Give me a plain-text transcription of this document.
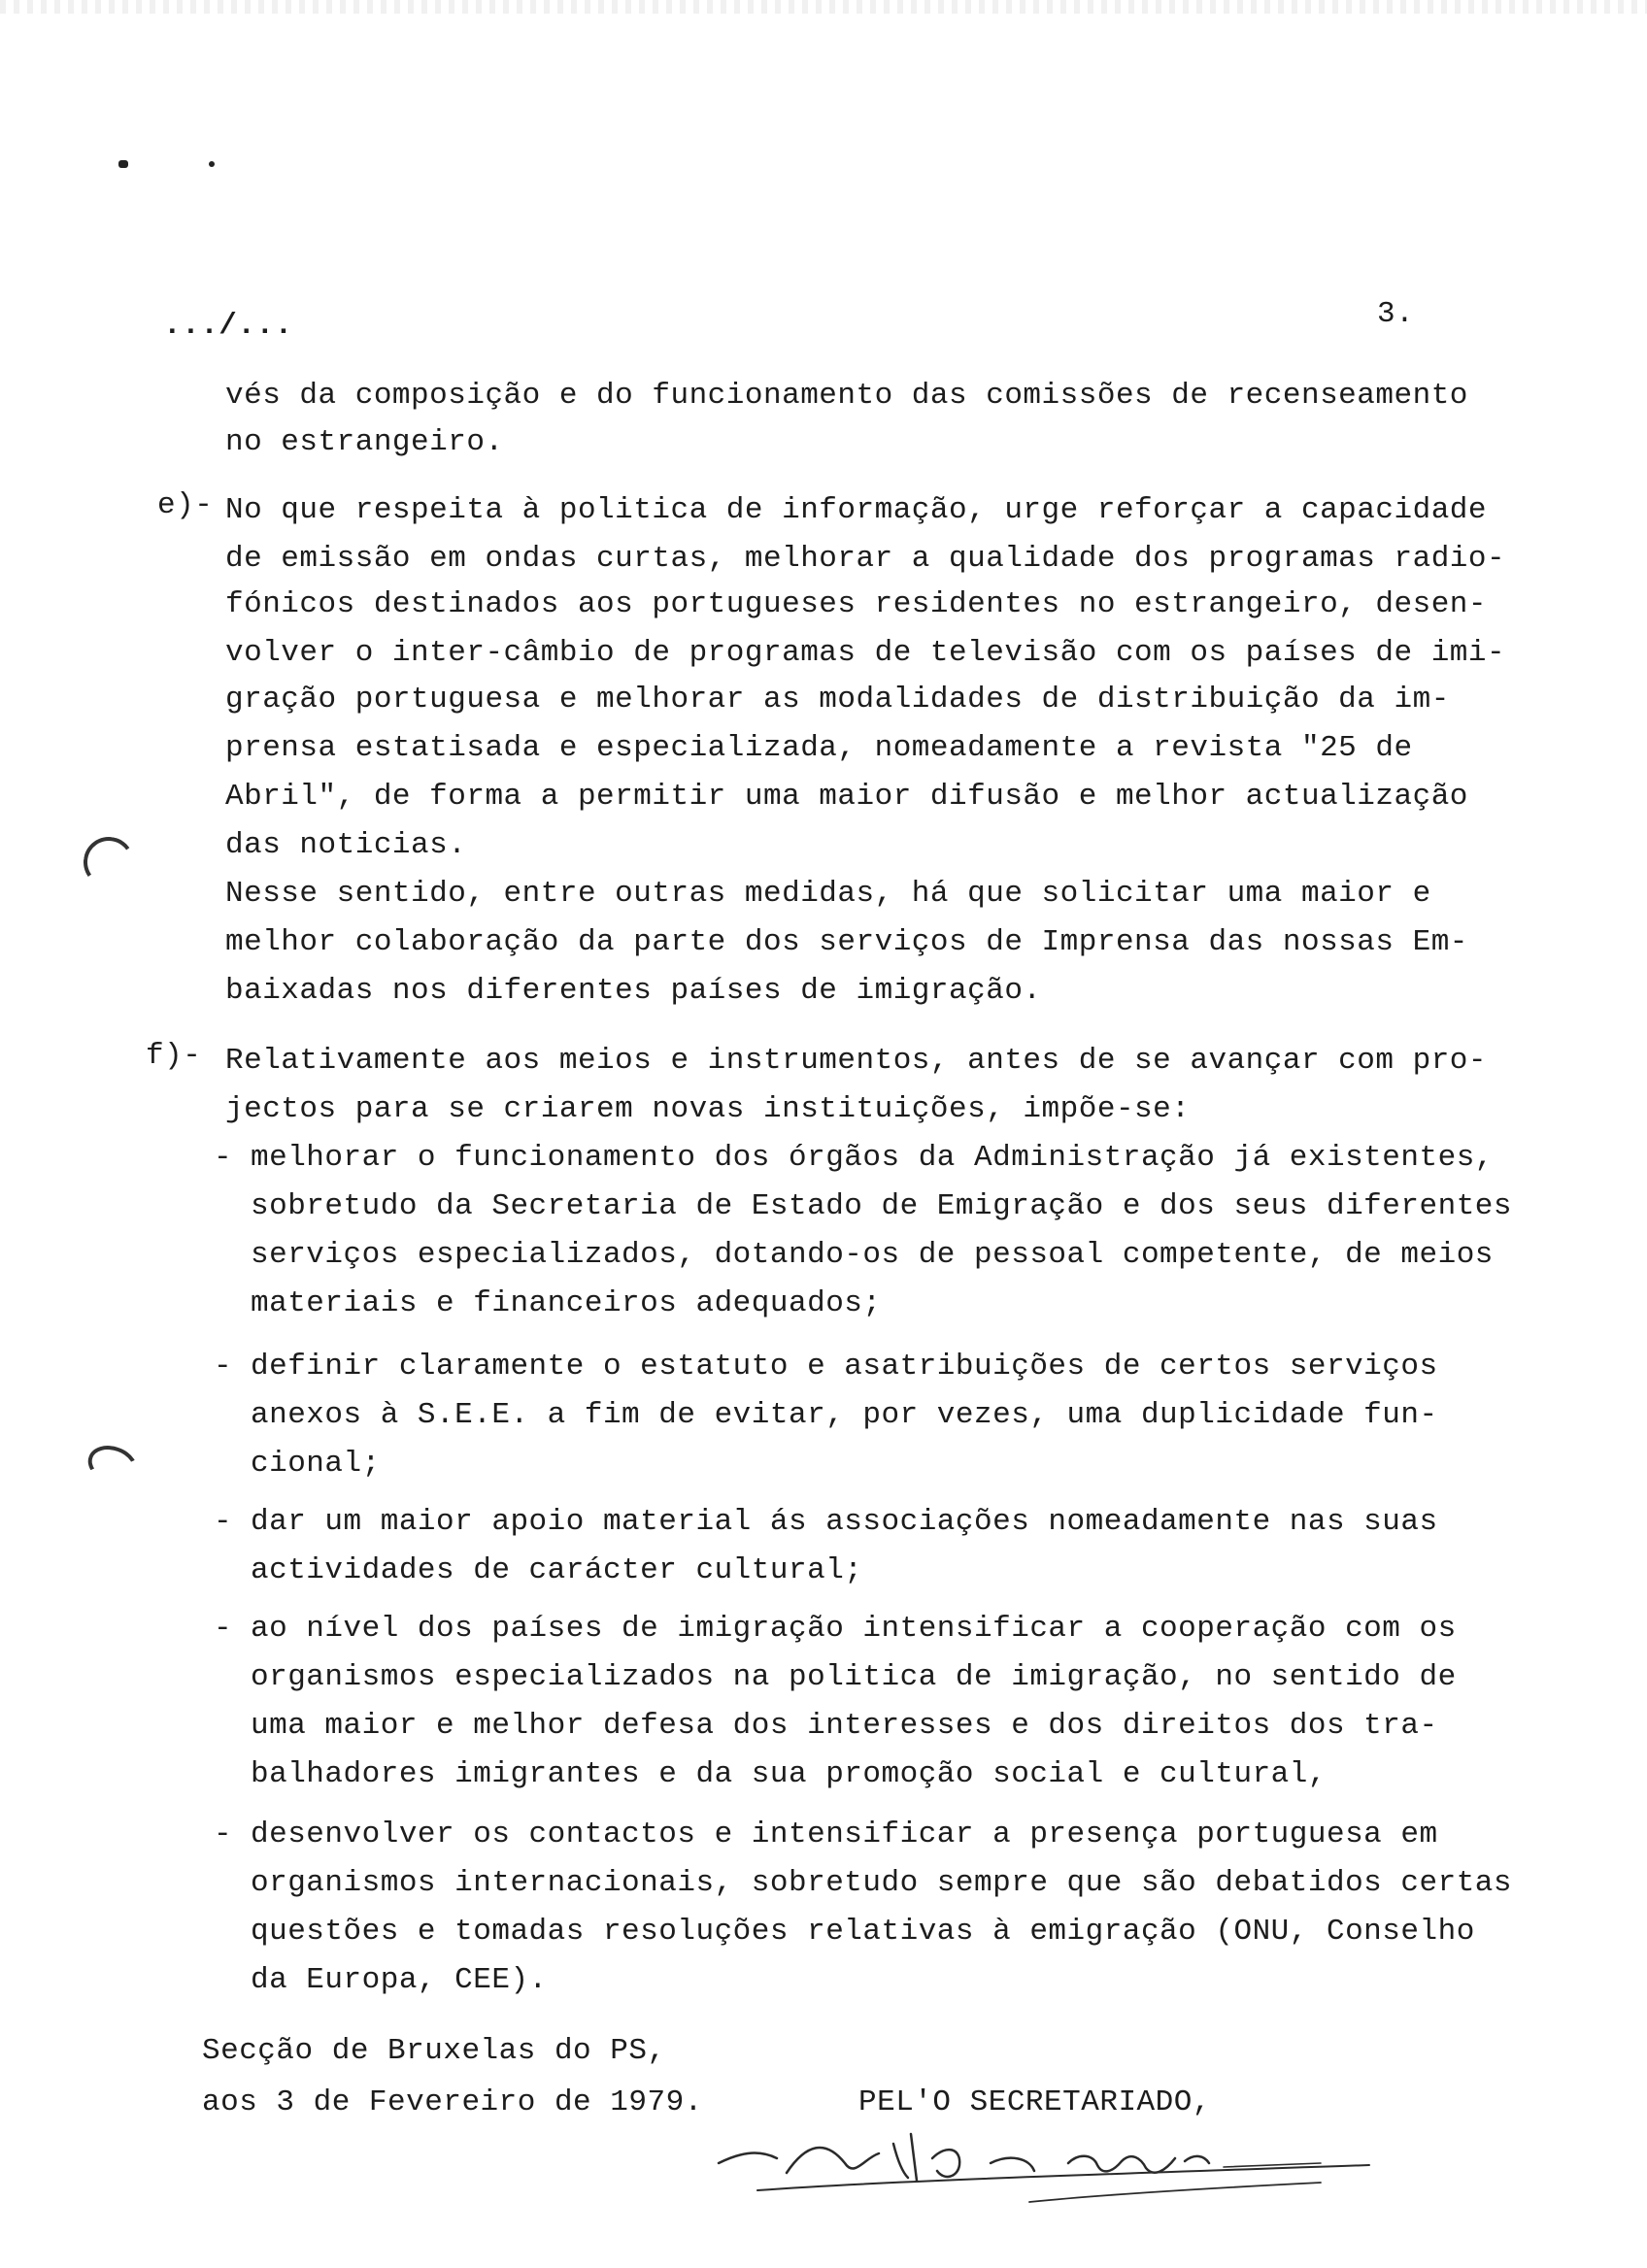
.../...	3.
vés da composição e do funcionamento das comissões de recenseamento
no estrangeiro.
e)- No que respeita à politica de informação, urge reforçar a capacidade
de emissão em ondas curtas, melhorar a qualidade dos programas radio-
fónicos destinados aos portugueses residentes no estrangeiro, desen-
volver o inter-câmbio de programas de televisão com os países de imi-
gração portuguesa e melhorar as modalidades de distribuição da im-
prensa estatisada e especializada, nomeadamente a revista "25 de
Abril", de forma a permitir uma maior difusão e melhor actualização
das noticias.
Nesse sentido, entre outras medidas, há que solicitar uma maior e
melhor colaboração da parte dos serviços de Imprensa das nossas Em-
baixadas nos diferentes países de imigração.
f)- Relativamente aos meios e instrumentos, antes de se avançar com pro-
jectos para se criarem novas instituições, impõe-se:
- melhorar o funcionamento dos órgãos da Administração já existentes,
sobretudo da Secretaria de Estado de Emigração e dos seus diferentes
serviços especializados, dotando-os de pessoal competente, de meios
materiais e financeiros adequados;
- definir claramente o estatuto e asatribuições de certos serviços
anexos à S.E.E. a fim de evitar, por vezes, uma duplicidade fun-
cional;
- dar um maior apoio material ás associações nomeadamente nas suas
actividades de carácter cultural;
- ao nível dos países de imigração intensificar a cooperação com os
organismos especializados na politica de imigração, no sentido de
uma maior e melhor defesa dos interesses e dos direitos dos tra-
balhadores imigrantes e da sua promoção social e cultural,
- desenvolver os contactos e intensificar a presença portuguesa em
organismos internacionais, sobretudo sempre que são debatidos certas
questões e tomadas resoluções relativas à emigração (ONU, Conselho
da Europa, CEE).
Secção de Bruxelas do PS,
aos 3 de Fevereiro de 1979.	PEL'O SECRETARIADO,
